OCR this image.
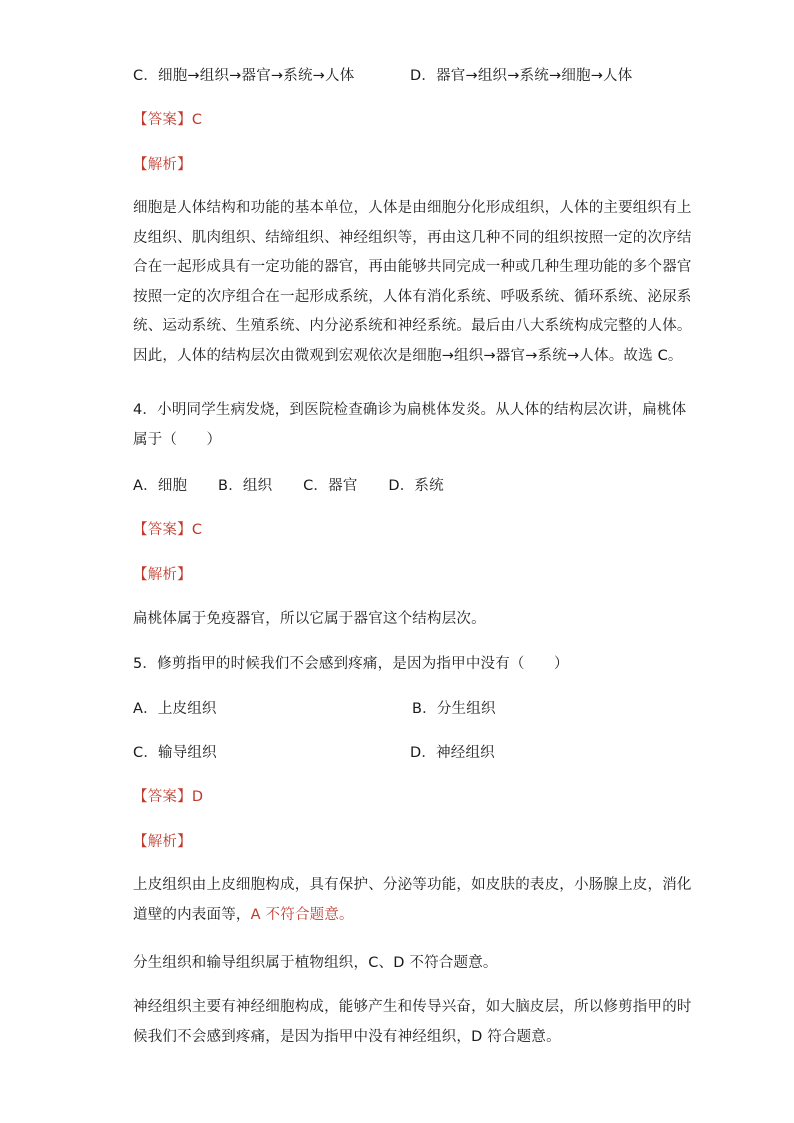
C．细胞→组织→器官→系统→人体	D．器官→组织→系统→细胞→人体
【答案】C
【解析】
细胞是人体结构和功能的基本单位，人体是由细胞分化形成组织，人体的主要组织有上
皮组织、肌肉组织、结缔组织、神经组织等，再由这几种不同的组织按照一定的次序结
合在一起形成具有一定功能的器官，再由能够共同完成一种或几种生理功能的多个器官
按照一定的次序组合在一起形成系统，人体有消化系统、呼吸系统、循环系统、泌尿系
统、运动系统、生殖系统、内分泌系统和神经系统。最后由八大系统构成完整的人体。
因此，人体的结构层次由微观到宏观依次是细胞→组织→器官→系统→人体。故选 C。
4．小明同学生病发烧，到医院检查确诊为扁桃体发炎。从人体的结构层次讲，扁桃体
属于（　　）
A．细胞 B．组织 C．器官 D．系统
【答案】C
【解析】
扁桃体属于免疫器官，所以它属于器官这个结构层次。
5．修剪指甲的时候我们不会感到疼痛，是因为指甲中没有（　　）
A．上皮组织	B．分生组织
C．输导组织	D．神经组织
【答案】D
【解析】
上皮组织由上皮细胞构成，具有保护、分泌等功能，如皮肤的表皮，小肠腺上皮，消化
道壁的内表面等，A 不符合题意。
分生组织和输导组织属于植物组织，C、D 不符合题意。
神经组织主要有神经细胞构成，能够产生和传导兴奋，如大脑皮层，所以修剪指甲的时
候我们不会感到疼痛，是因为指甲中没有神经组织，D 符合题意。
